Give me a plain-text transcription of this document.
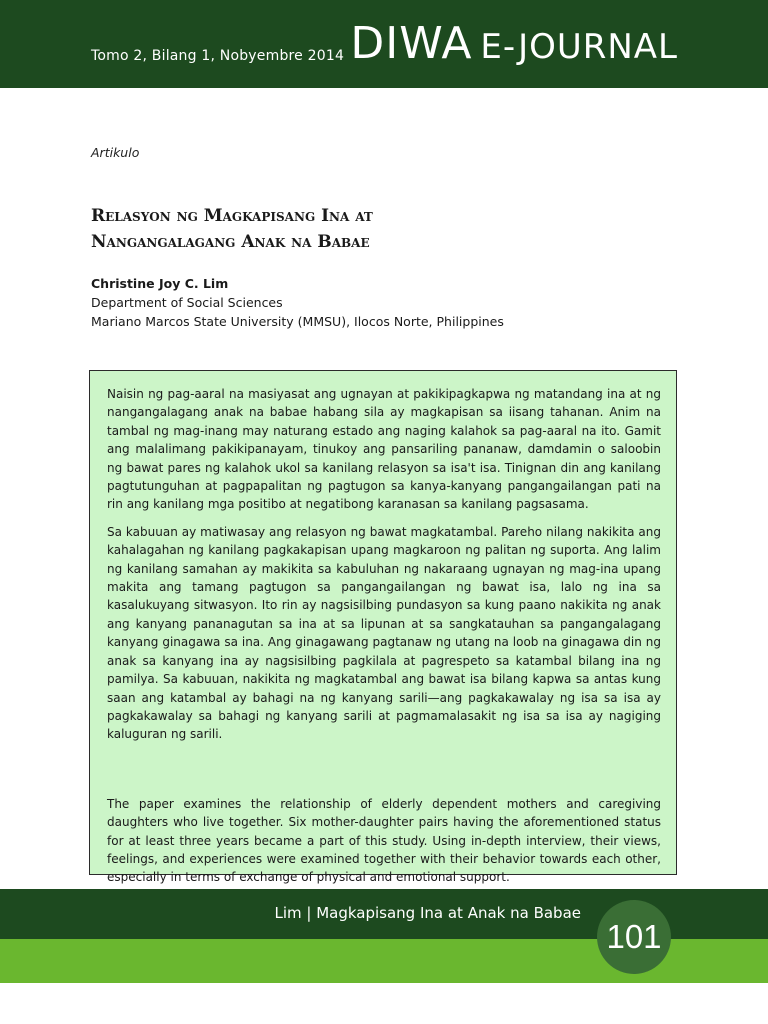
Tomo 2, Bilang 1, Nobyembre 2014 DIWA E-JOURNAL
Artikulo
Relasyon ng Magkapisang Ina at
Nangangalagang Anak na Babae
Christine Joy C. Lim
Department of Social Sciences
Mariano Marcos State University (MMSU), Ilocos Norte, Philippines

Naisin ng pag-aaral na masiyasat ang ugnayan at pakikipagkapwa ng matandang ina at ng nangangalagang anak na babae habang sila ay magkapisan sa iisang tahanan. Anim na tambal ng mag-inang may naturang estado ang naging kalahok sa pag-aaral na ito. Gamit ang malalimang pakikipanayam, tinukoy ang pansariling pananaw, damdamin o saloobin ng bawat pares ng kalahok ukol sa kanilang relasyon sa isa't isa. Tinignan din ang kanilang pagtutunguhan at pagpapalitan ng pagtugon sa kanya-kanyang pangangailangan pati na rin ang kanilang mga positibo at negatibong karanasan sa kanilang pagsasama.

Sa kabuuan ay matiwasay ang relasyon ng bawat magkatambal. Pareho nilang nakikita ang kahalagahan ng kanilang pagkakapisan upang magkaroon ng palitan ng suporta. Ang lalim ng kanilang samahan ay makikita sa kabuluhan ng nakaraang ugnayan ng mag-ina upang makita ang tamang pagtugon sa pangangailangan ng bawat isa, lalo ng ina sa kasalukuyang sitwasyon. Ito rin ay nagsisilbing pundasyon sa kung paano nakikita ng anak ang kanyang pananagutan sa ina at sa lipunan at sa sangkatauhan sa pangangalagang kanyang ginagawa sa ina. Ang ginagawang pagtanaw ng utang na loob na ginagawa din ng anak sa kanyang ina ay nagsisilbing pagkilala at pagrespeto sa katambal bilang ina ng pamilya. Sa kabuuan, nakikita ng magkatambal ang bawat isa bilang kapwa sa antas kung saan ang katambal ay bahagi na ng kanyang sarili—ang pagkakawalay ng isa sa isa ay pagkakawalay sa bahagi ng kanyang sarili at pagmamalasakit ng isa sa isa ay nagiging kaluguran ng sarili.

The paper examines the relationship of elderly dependent mothers and caregiving daughters who live together. Six mother-daughter pairs having the aforementioned status for at least three years became a part of this study. Using in-depth interview, their views, feelings, and experiences were examined together with their behavior towards each other, especially in terms of exchange of physical and emotional support.

Lim | Magkapisang Ina at Anak na Babae
101
